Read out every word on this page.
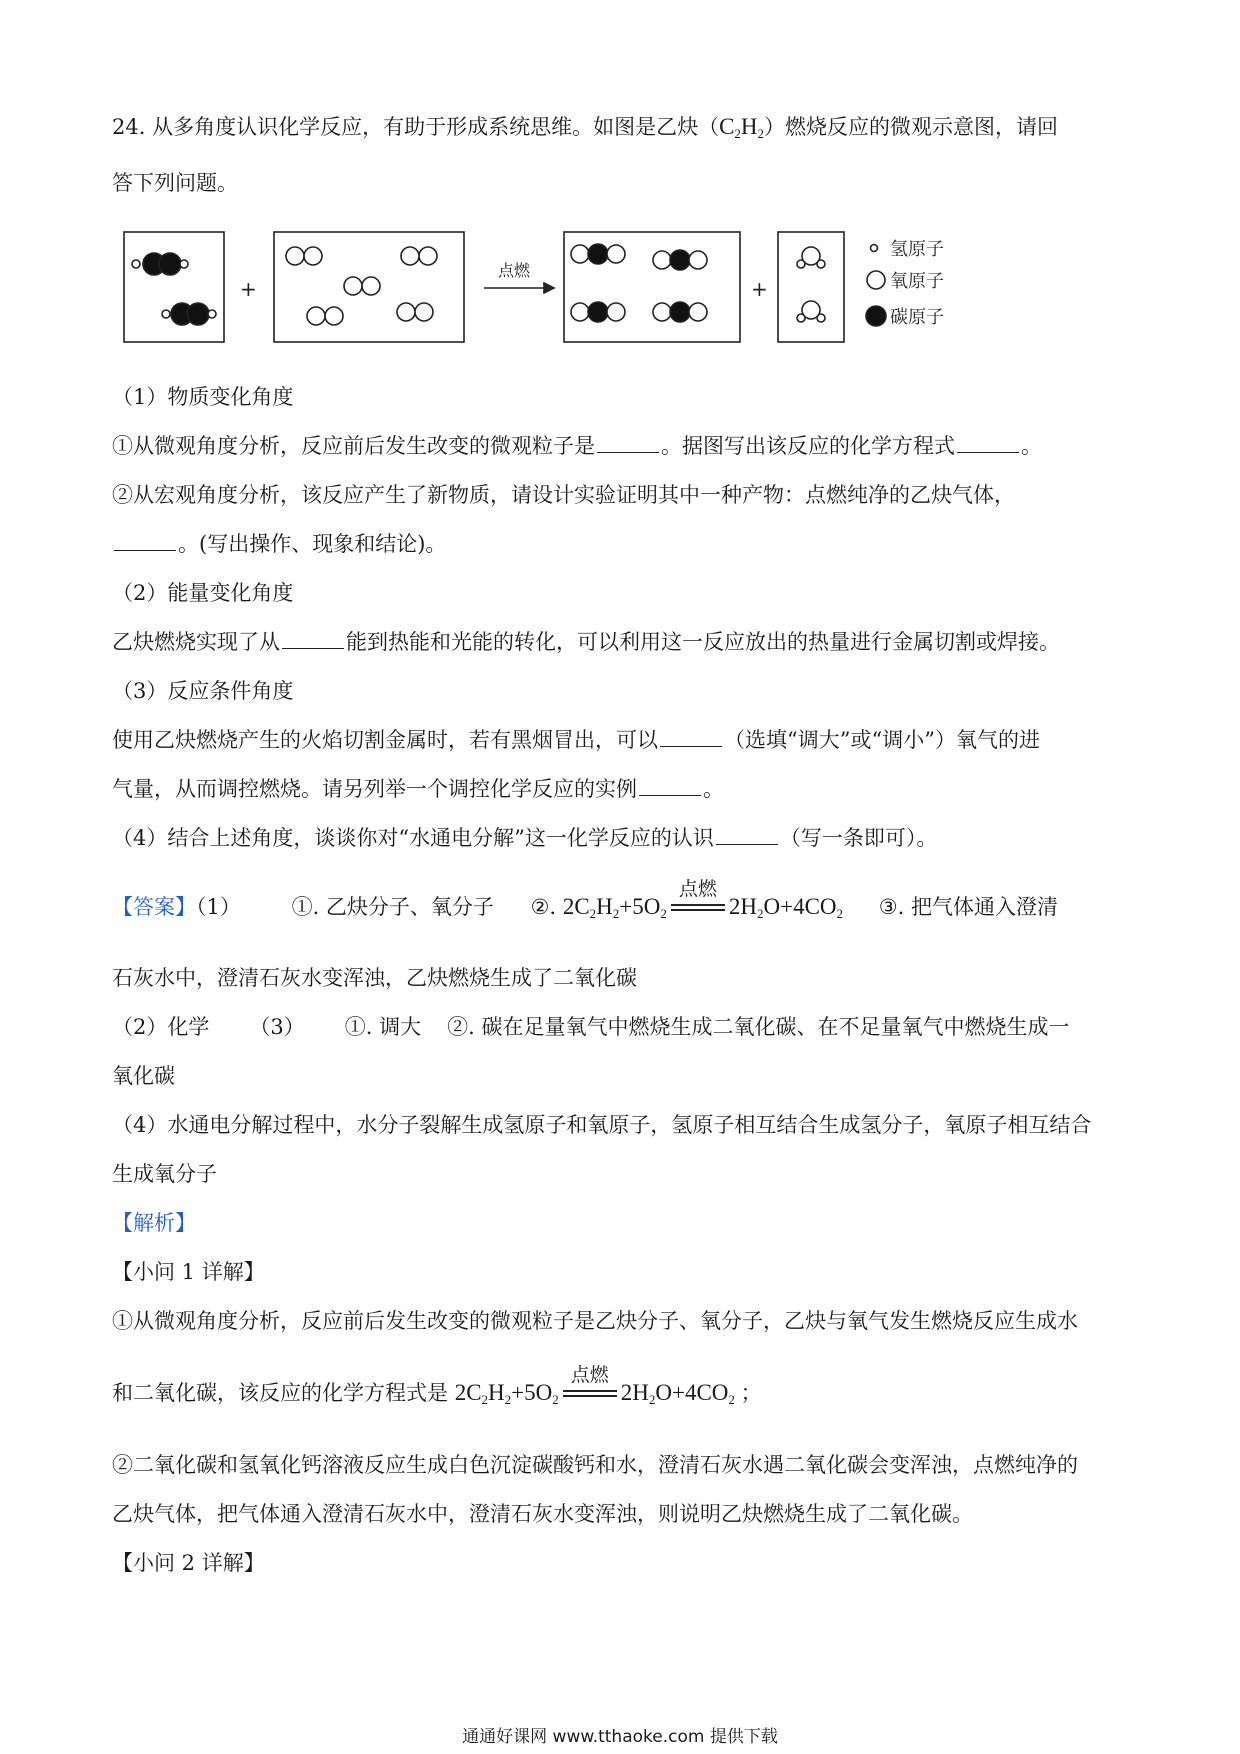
24. 从多角度认识化学反应，有助于形成系统思维。如图是乙炔$(C_2H_2)$燃烧反应的微观示意图，请回
答下列问题。
+	+
点燃
氢原子
氧原子
碳原子
（1）物质变化角度
①从微观角度分析，反应前后发生改变的微观粒子是	。据图写出该反应的化学方程式	。
②从宏观角度分析，该反应产生了新物质，请设计实验证明其中一种产物：点燃纯净的乙炔气体，
。(写出操作、现象和结论)。
（2）能量变化角度
乙炔燃烧实现了从	能到热能和光能的转化，可以利用这一反应放出的热量进行金属切割或焊接。
（3）反应条件角度
使用乙炔燃烧产生的火焰切割金属时，若有黑烟冒出，可以	（选填“调大”或“调小”）氧气的进
气量，从而调控燃烧。请另列举一个调控化学反应的实例	。
（4）结合上述角度，谈谈你对“水通电分解”这一化学反应的认识	（写一条即可）。
【答案】（1） ①. 乙炔分子、氧分子 ②. $2C_2H_2+5O_2$
点燃
$2H_2O+4CO_2$ ③. 把气体通入澄清
石灰水中，澄清石灰水变浑浊，乙炔燃烧生成了二氧化碳
（2）化学 （3） ①. 调大 ②. 碳在足量氧气中燃烧生成二氧化碳、在不足量氧气中燃烧生成一
氧化碳
（4）水通电分解过程中，水分子裂解生成氢原子和氧原子，氢原子相互结合生成氢分子，氧原子相互结合
生成氧分子
【解析】
【小问 1 详解】
①从微观角度分析，反应前后发生改变的微观粒子是乙炔分子、氧分子，乙炔与氧气发生燃烧反应生成水
和二氧化碳，该反应的化学方程式是 $2C_2H_2+5O_2$
点燃
$2H_2O+4CO_2$ ；
②二氧化碳和氢氧化钙溶液反应生成白色沉淀碳酸钙和水，澄清石灰水遇二氧化碳会变浑浊，点燃纯净的
乙炔气体，把气体通入澄清石灰水中，澄清石灰水变浑浊，则说明乙炔燃烧生成了二氧化碳。
【小问 2 详解】
通通好课网 www.tthaoke.com 提供下载
